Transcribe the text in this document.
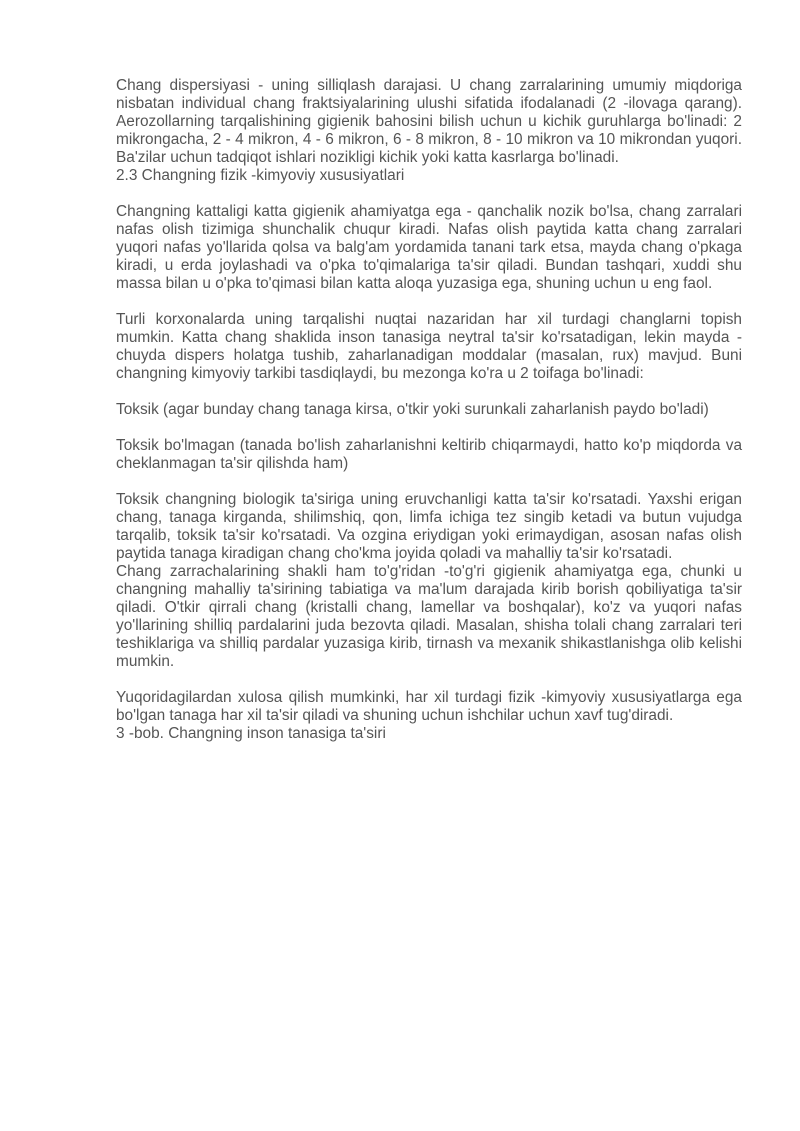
Chang dispersiyasi - uning silliqlash darajasi. U chang zarralarining umumiy miqdoriga nisbatan individual chang fraktsiyalarining ulushi sifatida ifodalanadi (2 -ilovaga qarang). Aerozollarning tarqalishining gigienik bahosini bilish uchun u kichik guruhlarga bo'linadi: 2 mikrongacha, 2 - 4 mikron, 4 - 6 mikron, 6 - 8 mikron, 8 - 10 mikron va 10 mikrondan yuqori. Ba'zilar uchun tadqiqot ishlari nozikligi kichik yoki katta kasrlarga bo'linadi.

2.3 Changning fizik -kimyoviy xususiyatlari

Changning kattaligi katta gigienik ahamiyatga ega - qanchalik nozik bo'lsa, chang zarralari nafas olish tizimiga shunchalik chuqur kiradi. Nafas olish paytida katta chang zarralari yuqori nafas yo'llarida qolsa va balg'am yordamida tanani tark etsa, mayda chang o'pkaga kiradi, u erda joylashadi va o'pka to'qimalariga ta'sir qiladi. Bundan tashqari, xuddi shu massa bilan u o'pka to'qimasi bilan katta aloqa yuzasiga ega, shuning uchun u eng faol.

Turli korxonalarda uning tarqalishi nuqtai nazaridan har xil turdagi changlarni topish mumkin. Katta chang shaklida inson tanasiga neytral ta'sir ko'rsatadigan, lekin mayda -chuyda dispers holatga tushib, zaharlanadigan moddalar (masalan, rux) mavjud. Buni changning kimyoviy tarkibi tasdiqlaydi, bu mezonga ko'ra u 2 toifaga bo'linadi:

Toksik (agar bunday chang tanaga kirsa, o'tkir yoki surunkali zaharlanish paydo bo'ladi)

Toksik bo'lmagan (tanada bo'lish zaharlanishni keltirib chiqarmaydi, hatto ko'p miqdorda va cheklanmagan ta'sir qilishda ham)

Toksik changning biologik ta'siriga uning eruvchanligi katta ta'sir ko'rsatadi. Yaxshi erigan chang, tanaga kirganda, shilimshiq, qon, limfa ichiga tez singib ketadi va butun vujudga tarqalib, toksik ta'sir ko'rsatadi. Va ozgina eriydigan yoki erimaydigan, asosan nafas olish paytida tanaga kiradigan chang cho'kma joyida qoladi va mahalliy ta'sir ko'rsatadi.

Chang zarrachalarining shakli ham to'g'ridan -to'g'ri gigienik ahamiyatga ega, chunki u changning mahalliy ta'sirining tabiatiga va ma'lum darajada kirib borish qobiliyatiga ta'sir qiladi. O'tkir qirrali chang (kristalli chang, lamellar va boshqalar), ko'z va yuqori nafas yo'llarining shilliq pardalarini juda bezovta qiladi. Masalan, shisha tolali chang zarralari teri teshiklariga va shilliq pardalar yuzasiga kirib, tirnash va mexanik shikastlanishga olib kelishi mumkin.

Yuqoridagilardan xulosa qilish mumkinki, har xil turdagi fizik -kimyoviy xususiyatlarga ega bo'lgan tanaga har xil ta'sir qiladi va shuning uchun ishchilar uchun xavf tug'diradi.

3 -bob. Changning inson tanasiga ta'siri
